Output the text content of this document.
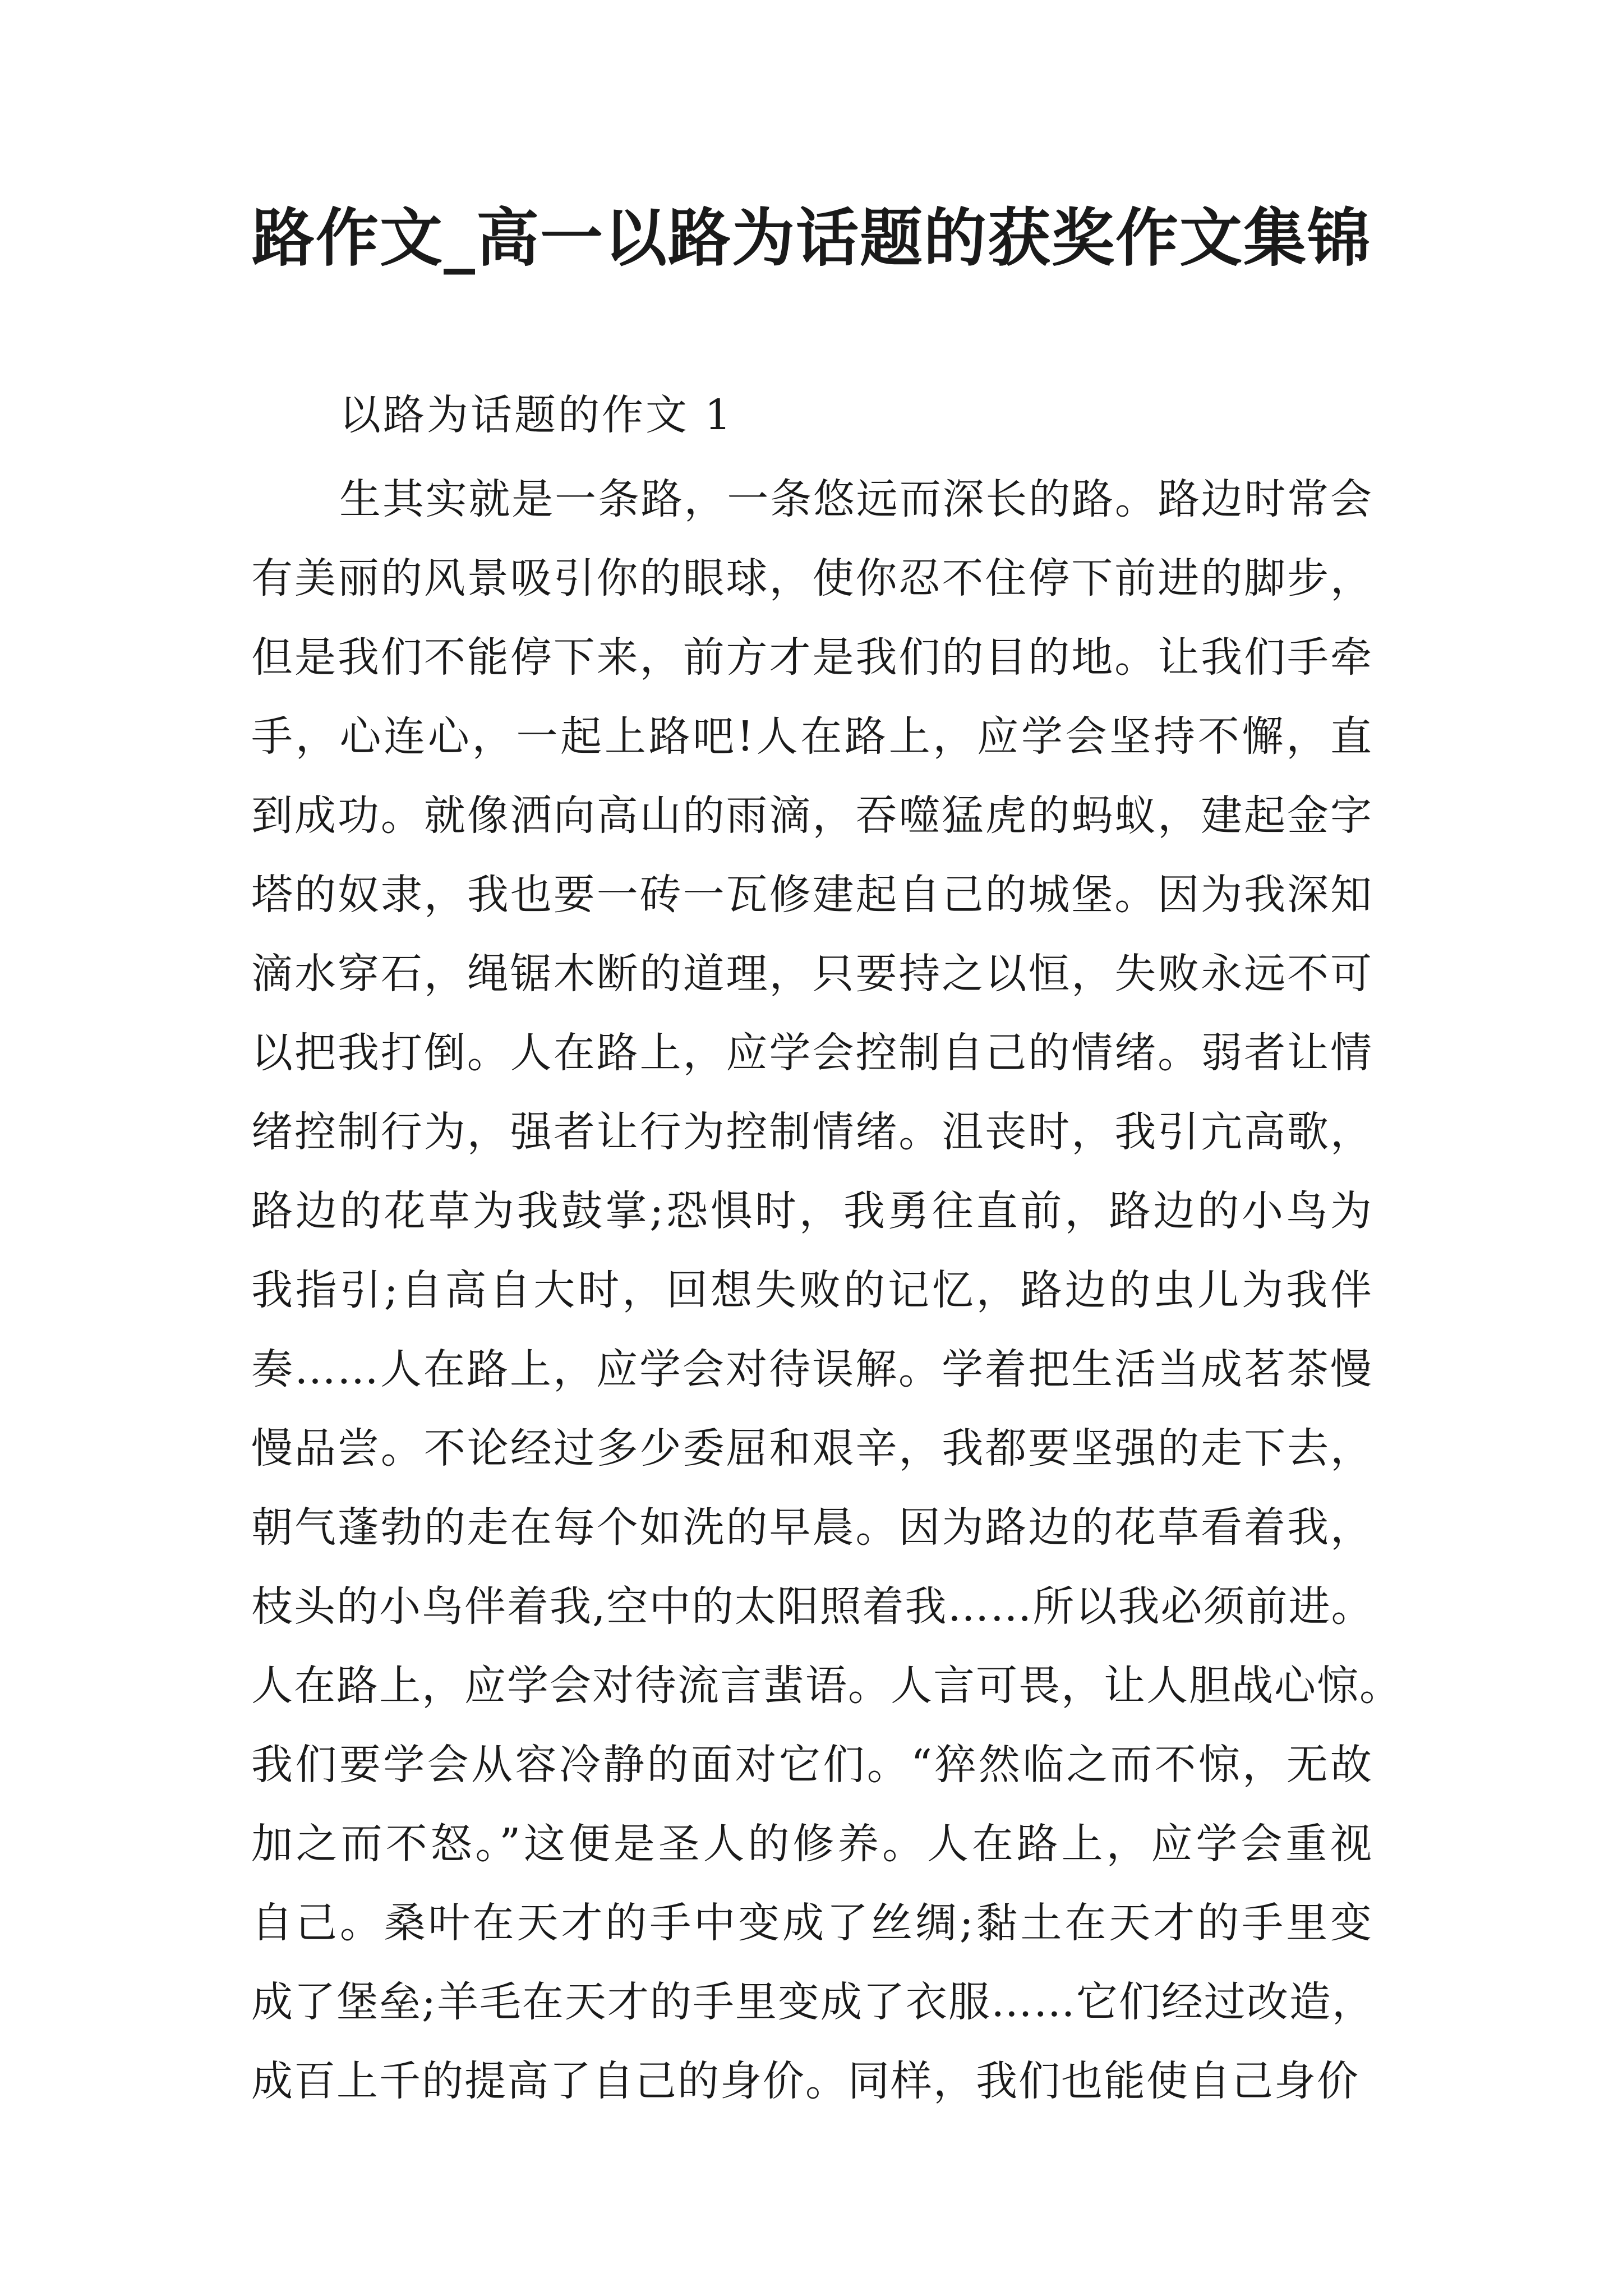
路作文_高一以路为话题的获奖作文集锦

以路为话题的作文 1

生其实就是一条路，一条悠远而深长的路。路边时常会
有美丽的风景吸引你的眼球，使你忍不住停下前进的脚步，
但是我们不能停下来，前方才是我们的目的地。让我们手牵
手，心连心，一起上路吧!人在路上，应学会坚持不懈，直
到成功。就像洒向高山的雨滴，吞噬猛虎的蚂蚁，建起金字
塔的奴隶，我也要一砖一瓦修建起自己的城堡。因为我深知
滴水穿石，绳锯木断的道理，只要持之以恒，失败永远不可
以把我打倒。人在路上，应学会控制自己的情绪。弱者让情
绪控制行为，强者让行为控制情绪。沮丧时，我引亢高歌，
路边的花草为我鼓掌;恐惧时，我勇往直前，路边的小鸟为
我指引;自高自大时，回想失败的记忆，路边的虫儿为我伴
奏……人在路上，应学会对待误解。学着把生活当成茗茶慢
慢品尝。不论经过多少委屈和艰辛，我都要坚强的走下去，
朝气蓬勃的走在每个如洗的早晨。因为路边的花草看着我，
枝头的小鸟伴着我,空中的太阳照着我……所以我必须前进。
人在路上，应学会对待流言蜚语。人言可畏，让人胆战心惊。
我们要学会从容冷静的面对它们。“猝然临之而不惊，无故
加之而不怒。”这便是圣人的修养。人在路上，应学会重视
自己。桑叶在天才的手中变成了丝绸;黏土在天才的手里变
成了堡垒;羊毛在天才的手里变成了衣服……它们经过改造，
成百上千的提高了自己的身价。同样，我们也能使自己身价
